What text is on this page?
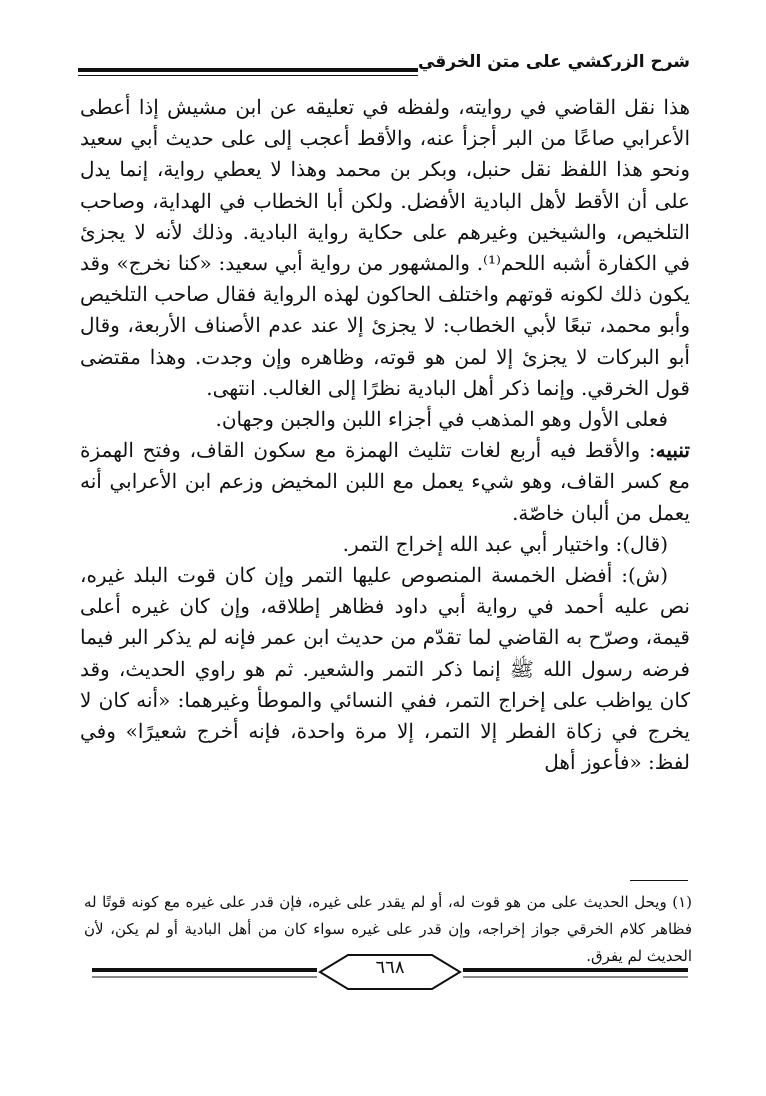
شرح الزركشي على متن الخرقي

هذا نقل القاضي في روايته، ولفظه في تعليقه عن ابن مشيش إذا أعطى الأعرابي صاعًا من البر أجزأ عنه، والأقط أعجب إلى على حديث أبي سعيد ونحو هذا اللفظ نقل حنبل، وبكر بن محمد وهذا لا يعطي رواية، إنما يدل على أن الأقط لأهل البادية الأفضل. ولكن أبا الخطاب في الهداية، وصاحب التلخيص، والشيخين وغيرهم على حكاية رواية البادية. وذلك لأنه لا يجزئ في الكفارة أشبه اللحم⁽¹⁾. والمشهور من رواية أبي سعيد: «كنا نخرج» وقد يكون ذلك لكونه قوتهم واختلف الحاكون لهذه الرواية فقال صاحب التلخيص وأبو محمد، تبعًا لأبي الخطاب: لا يجزئ إلا عند عدم الأصناف الأربعة، وقال أبو البركات لا يجزئ إلا لمن هو قوته، وظاهره وإن وجدت. وهذا مقتضى قول الخرقي. وإنما ذكر أهل البادية نظرًا إلى الغالب. انتهى.

فعلى الأول وهو المذهب في أجزاء اللبن والجبن وجهان.

تنبيه: والأقط فيه أربع لغات تثليث الهمزة مع سكون القاف، وفتح الهمزة مع كسر القاف، وهو شيء يعمل مع اللبن المخيض وزعم ابن الأعرابي أنه يعمل من ألبان خاصّة.

(قال): واختيار أبي عبد الله إخراج التمر.

(ش): أفضل الخمسة المنصوص عليها التمر وإن كان قوت البلد غيره، نص عليه أحمد في رواية أبي داود فظاهر إطلاقه، وإن كان غيره أعلى قيمة، وصرّح به القاضي لما تقدّم من حديث ابن عمر فإنه لم يذكر البر فيما فرضه رسول الله ﷺ إنما ذكر التمر والشعير. ثم هو راوي الحديث، وقد كان يواظب على إخراج التمر، ففي النسائي والموطأ وغيرهما: «أنه كان لا يخرج في زكاة الفطر إلا التمر، إلا مرة واحدة، فإنه أخرج شعيرًا» وفي لفظ: «فأعوز أهل

(١) ويحل الحديث على من هو قوت له، أو لم يقدر على غيره، فإن قدر على غيره مع كونه قوتًا له فظاهر كلام الخرقي جواز إخراجه، وإن قدر على غيره سواء كان من أهل البادية أو لم يكن، لأن الحديث لم يفرق.
٦٦٨
